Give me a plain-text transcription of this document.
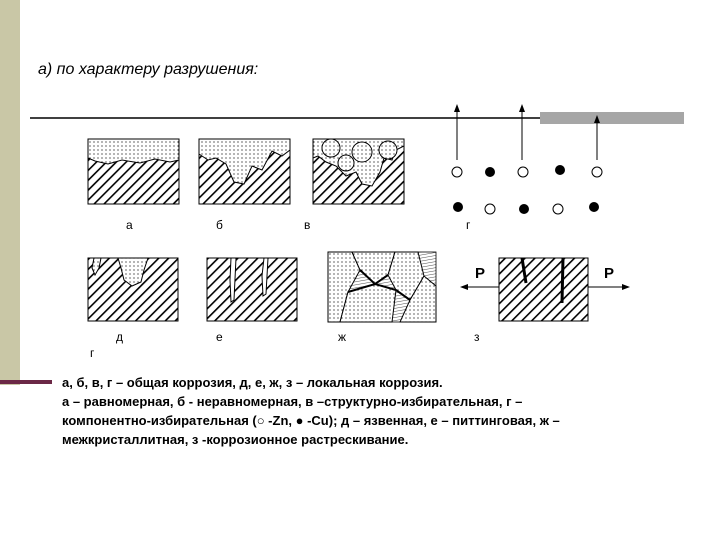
а) по характеру разрушения:
а	б	в	г
д	е	ж	з
г
Р	Р
а, б, в, г – общая коррозия, д, е, ж, з – локальная коррозия.
а – равномерная, б - неравномерная, в –структурно-избирательная, г –
компонентно-избирательная (○ -Zn, ● -Cu); д – язвенная, е – питтинговая, ж –
межкристаллитная, з -коррозионное растрескивание.
